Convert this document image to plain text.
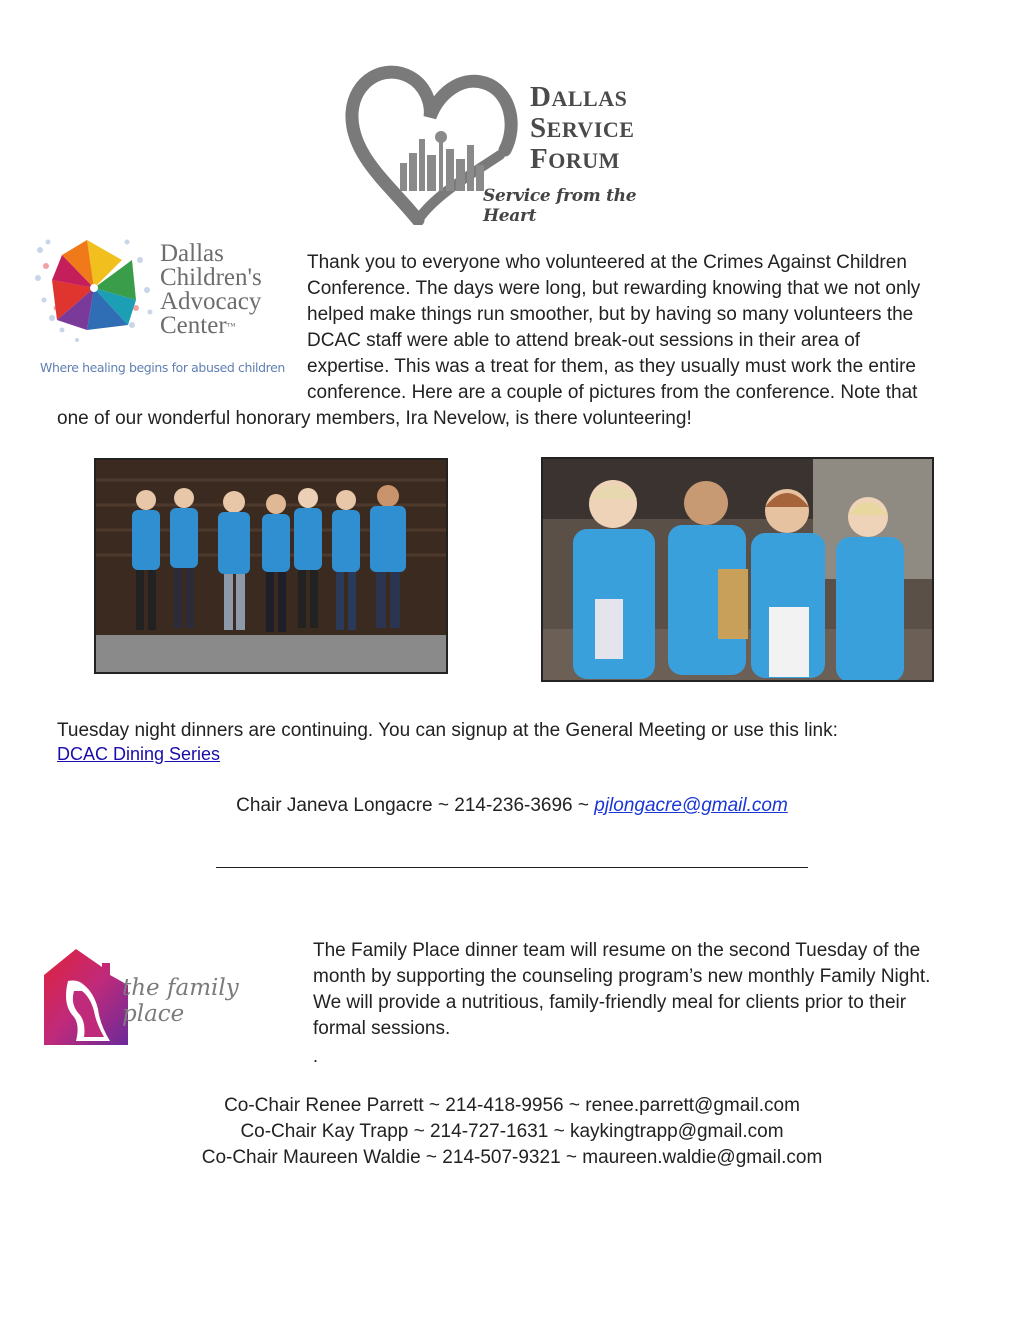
DALLAS
SERVICE
FORUM
Service from the Heart
Dallas
Children's
Advocacy
Center™
Where healing begins for abused children
Thank you to everyone who volunteered at the Crimes Against Children
Conference. The days were long, but rewarding knowing that we not only
helped make things run smoother, but by having so many volunteers the
DCAC staff were able to attend break-out sessions in their area of
expertise. This was a treat for them, as they usually must work the entire
conference. Here are a couple of pictures from the conference. Note that
one of our wonderful honorary members, Ira Nevelow, is there volunteering!
Tuesday night dinners are continuing. You can signup at the General Meeting or use this link:
DCAC Dining Series
Chair Janeva Longacre ~ 214-236-3696 ~ pjlongacre@gmail.com
the family place
The Family Place dinner team will resume on the second Tuesday of the
month by supporting the counseling program’s new monthly Family Night.
We will provide a nutritious, family-friendly meal for clients prior to their
formal sessions.
.
Co-Chair Renee Parrett ~ 214-418-9956 ~ renee.parrett@gmail.com
Co-Chair Kay Trapp ~ 214-727-1631 ~ kaykingtrapp@gmail.com
Co-Chair Maureen Waldie ~ 214-507-9321 ~ maureen.waldie@gmail.com
